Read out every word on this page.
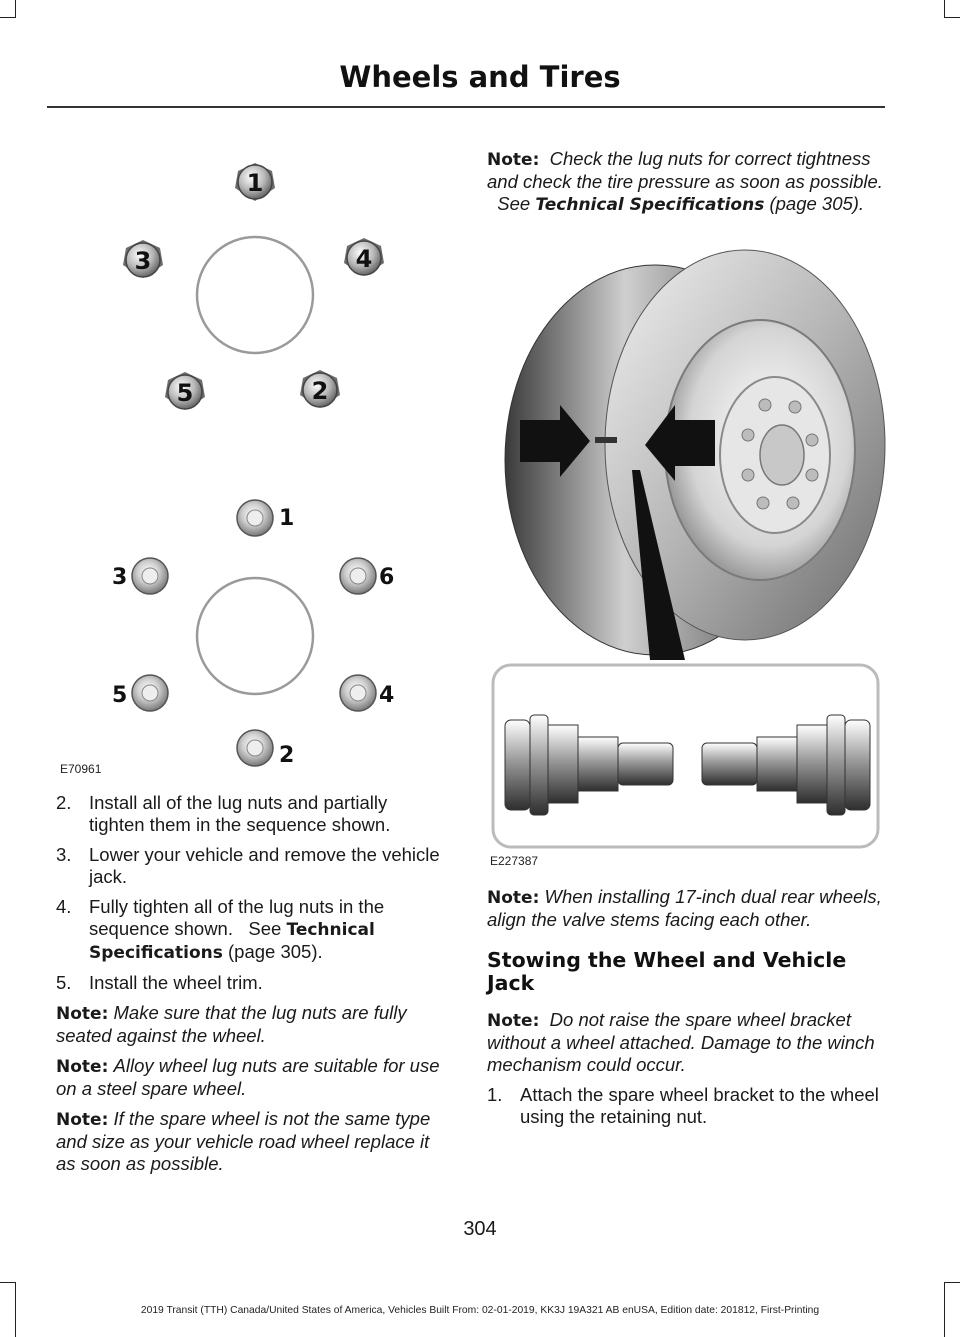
Wheels and Tires
1
2
3	4
5
1
2
3
4
5
6
E70961
2. Install all of the lug nuts and partially tighten them in the sequence shown.
3. Lower your vehicle and remove the vehicle jack.
4. Fully tighten all of the lug nuts in the sequence shown. See Technical Specifications (page 305).
5. Install the wheel trim.
Note: Make sure that the lug nuts are fully seated against the wheel.
Note: Alloy wheel lug nuts are suitable for use on a steel spare wheel.
Note: If the spare wheel is not the same type and size as your vehicle road wheel replace it as soon as possible.
Note: Check the lug nuts for correct tightness and check the tire pressure as soon as possible.   See Technical Specifications (page 305).
E227387
Note: When installing 17-inch dual rear wheels, align the valve stems facing each other.
Stowing the Wheel and Vehicle Jack
Note: Do not raise the spare wheel bracket without a wheel attached. Damage to the winch mechanism could occur.
1. Attach the spare wheel bracket to the wheel using the retaining nut.
304
2019 Transit (TTH) Canada/United States of America, Vehicles Built From: 02-01-2019, KK3J 19A321 AB enUSA, Edition date: 201812, First-Printing
